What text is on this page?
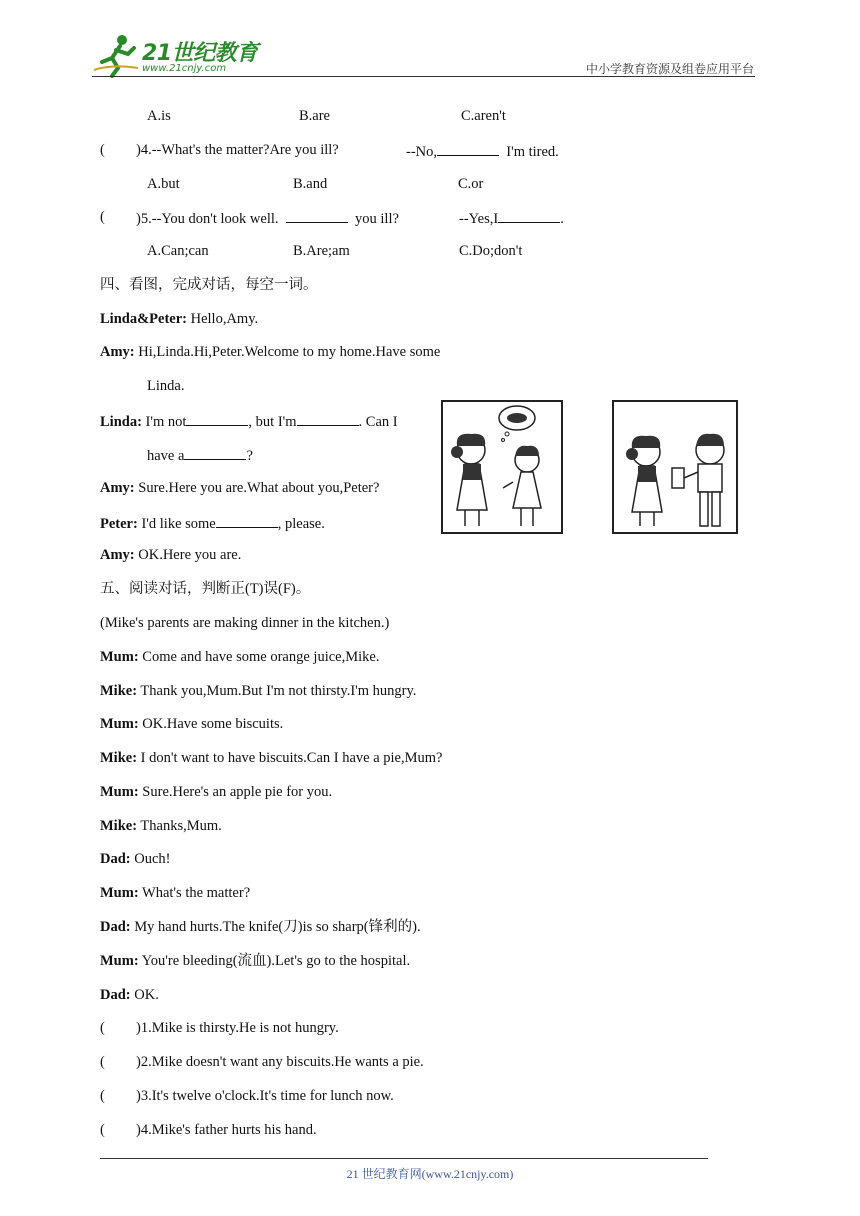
21世纪教育
www.21cnjy.com	中小学教育资源及组卷应用平台
A.is	B.are	C.aren't
( )4.--What's the matter?Are you ill?	--No,	I'm tired.
A.but	B.and	C.or
( )5.--You don't look well.	you ill?	--Yes,I	.
A.Can;can	B.Are;am	C.Do;don't
四、看图，完成对话，每空一词。
Linda&Peter: Hello,Amy.
Amy: Hi,Linda.Hi,Peter.Welcome to my home.Have some
Linda.
Linda: I'm not	, but I'm	. Can I
have a	?
Amy: Sure.Here you are.What about you,Peter?
Peter: I'd like some	, please.
Amy: OK.Here you are.
五、阅读对话，判断正(T)误(F)。
(Mike's parents are making dinner in the kitchen.)
Mum: Come and have some orange juice,Mike.
Mike: Thank you,Mum.But I'm not thirsty.I'm hungry.
Mum: OK.Have some biscuits.
Mike: I don't want to have biscuits.Can I have a pie,Mum?
Mum: Sure.Here's an apple pie for you.
Mike: Thanks,Mum.
Dad: Ouch!
Mum: What's the matter?
Dad: My hand hurts.The knife(刀)is so sharp(锋利的).
Mum: You're bleeding(流血).Let's go to the hospital.
Dad: OK.
( )1.Mike is thirsty.He is not hungry.
( )2.Mike doesn't want any biscuits.He wants a pie.
( )3.It's twelve o'clock.It's time for lunch now.
( )4.Mike's father hurts his hand.
21 世纪教育网(www.21cnjy.com)
